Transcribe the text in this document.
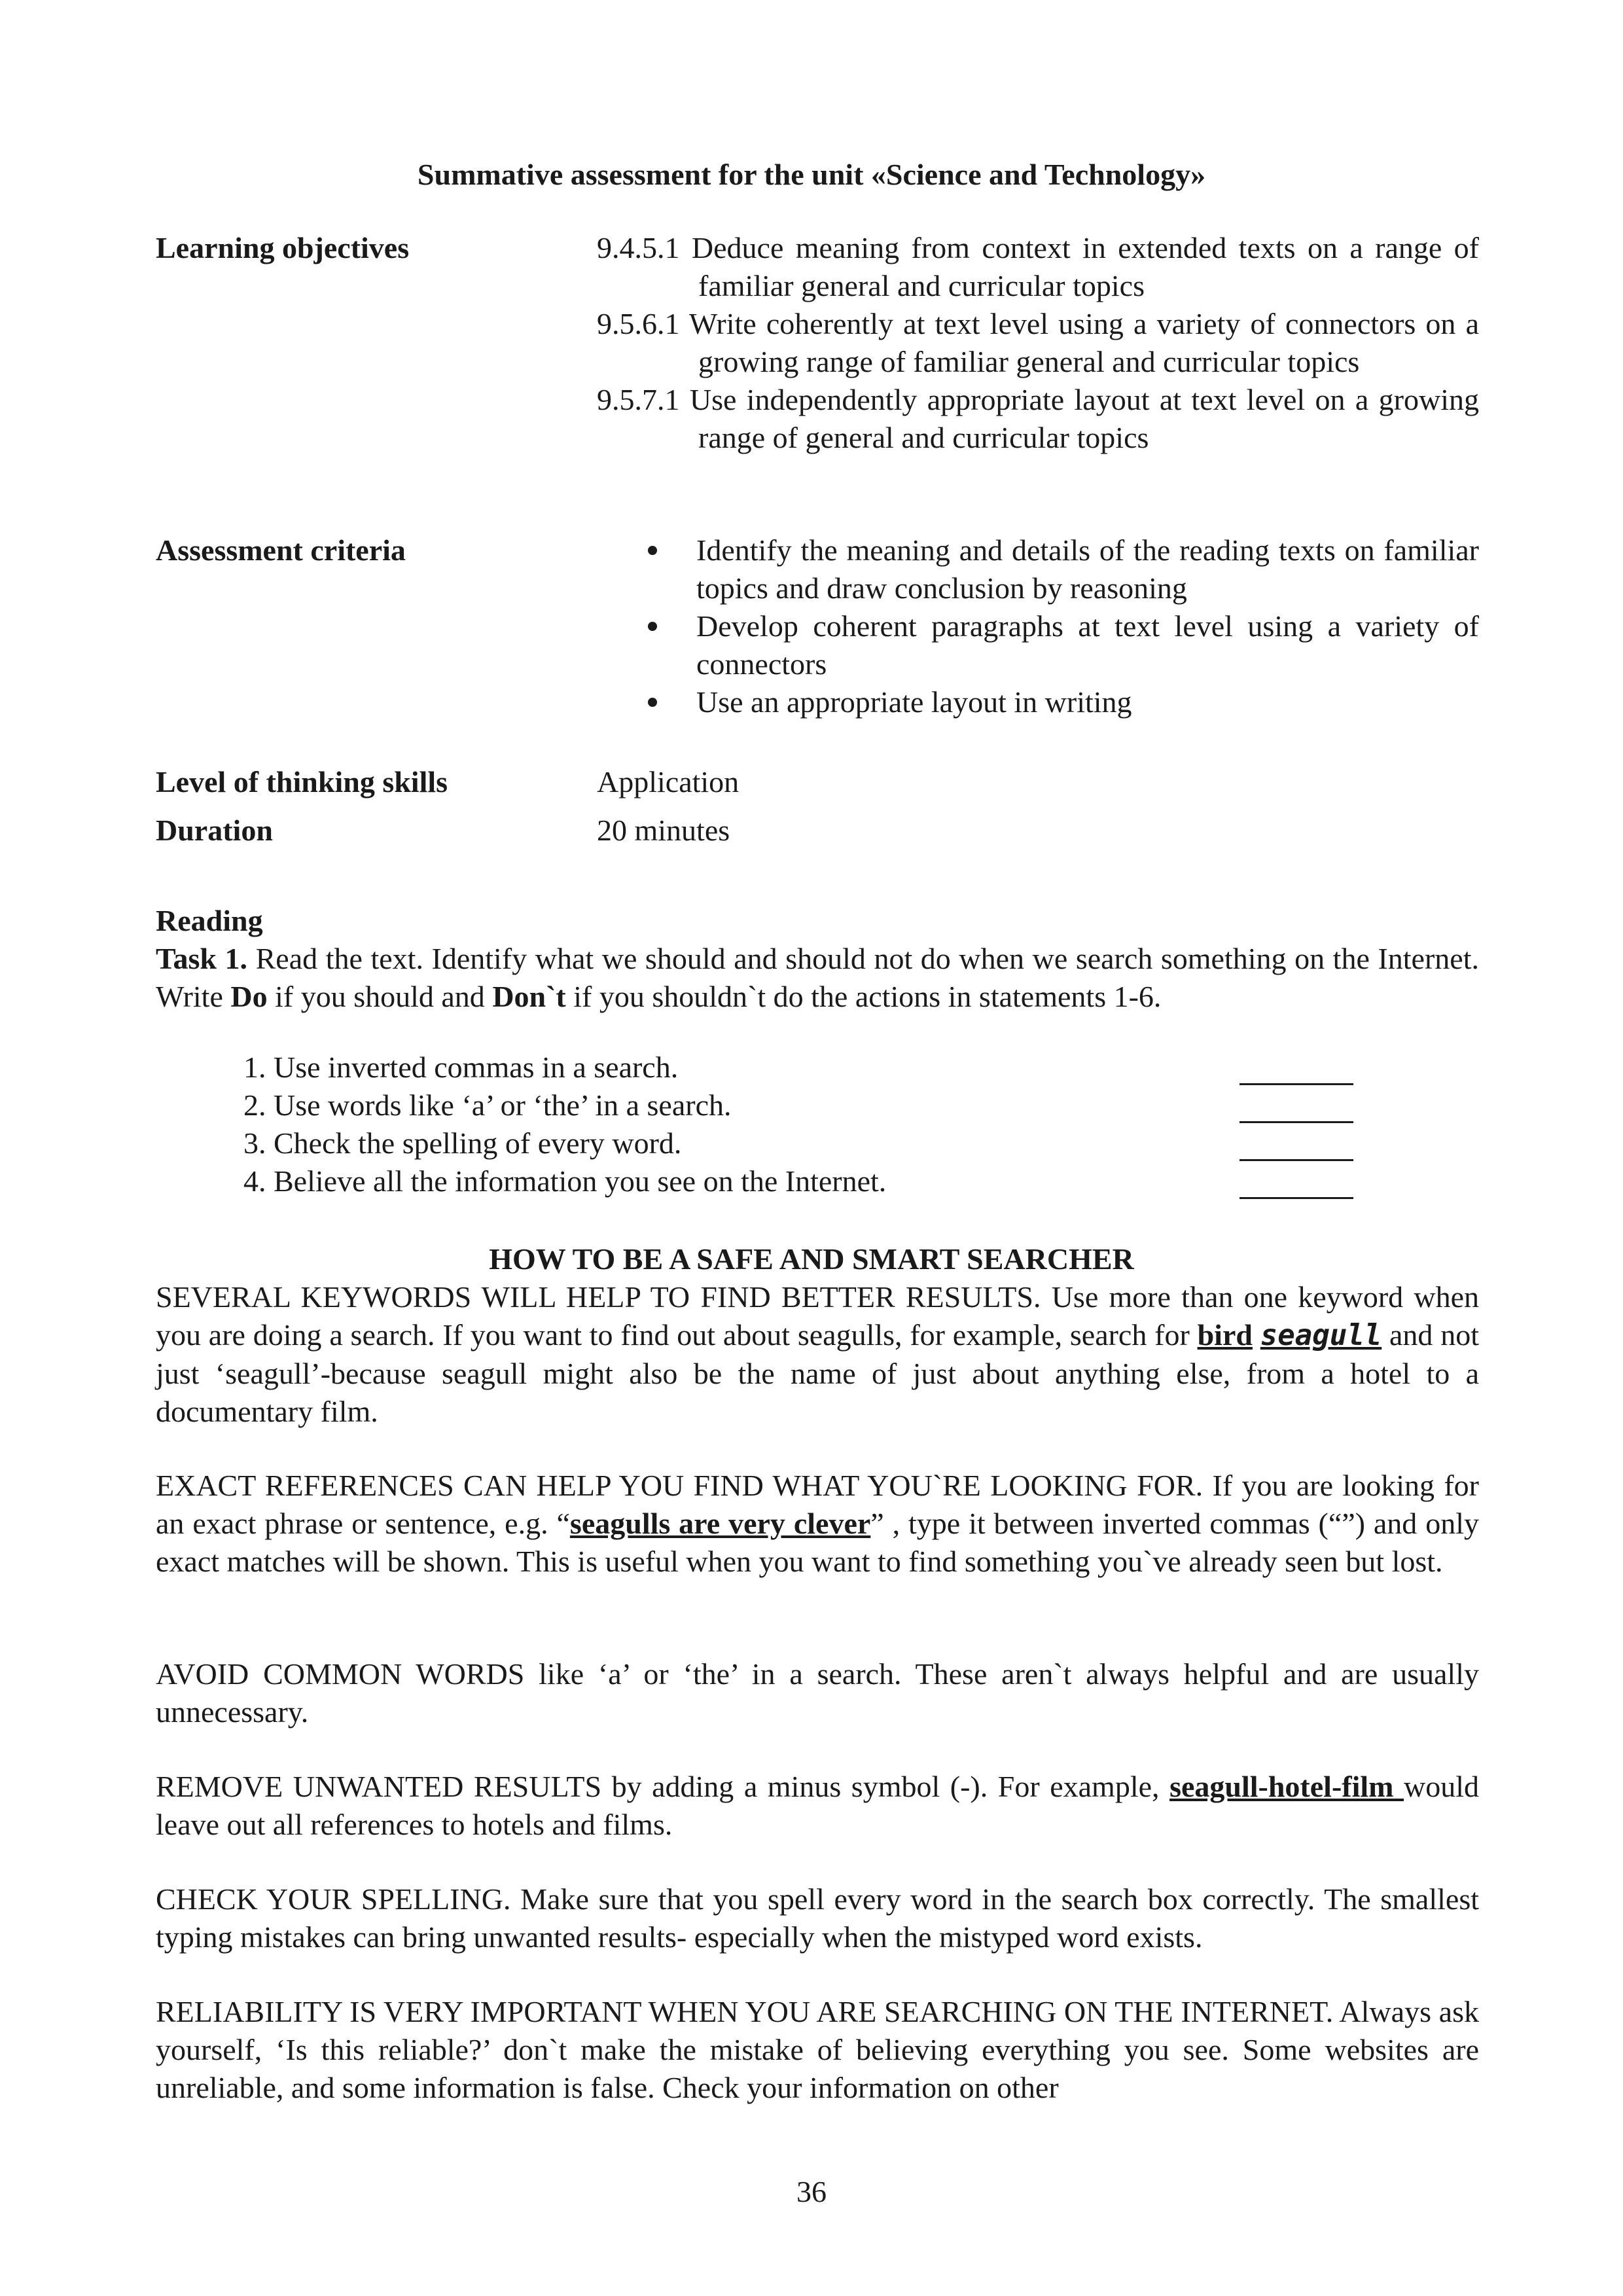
Summative assessment for the unit «Science and Technology»
Learning objectives	9.4.5.1 Deduce meaning from context in extended texts on a range of familiar general and curricular topics

9.5.6.1 Write coherently at text level using a variety of connectors on a growing range of familiar general and curricular topics

9.5.7.1 Use independently appropriate layout at text level on a growing range of general and curricular topics

Assessment criteria	Identify the meaning and details of the reading texts on familiar topics and draw conclusion by reasoning

Develop coherent paragraphs at text level using a variety of connectors

Use an appropriate layout in writing

Level of thinking skills	Application
Duration	20 minutes
Reading

Task 1. Read the text. Identify what we should and should not do when we search something on the Internet. Write Do if you should and Don`t if you shouldn`t do the actions in statements 1-6.

1. Use inverted commas in a search.
2. Use words like ‘a’ or ‘the’ in a search.
3. Check the spelling of every word.
4. Believe all the information you see on the Internet.
HOW TO BE A SAFE AND SMART SEARCHER

SEVERAL KEYWORDS WILL HELP TO FIND BETTER RESULTS. Use more than one keyword when you are doing a search. If you want to find out about seagulls, for example, search for bird seagull and not just ‘seagull’-because seagull might also be the name of just about anything else, from a hotel to a documentary film.

EXACT REFERENCES CAN HELP YOU FIND WHAT YOU`RE LOOKING FOR. If you are looking for an exact phrase or sentence, e.g. “seagulls are very clever” , type it between inverted commas (“”) and only exact matches will be shown. This is useful when you want to find something you`ve already seen but lost.

AVOID COMMON WORDS like ‘a’ or ‘the’ in a search. These aren`t always helpful and are usually unnecessary.

REMOVE UNWANTED RESULTS by adding a minus symbol (-). For example, seagull-hotel-film would leave out all references to hotels and films.

CHECK YOUR SPELLING. Make sure that you spell every word in the search box correctly. The smallest typing mistakes can bring unwanted results- especially when the mistyped word exists.

RELIABILITY IS VERY IMPORTANT WHEN YOU ARE SEARCHING ON THE INTERNET. Always ask yourself, ‘Is this reliable?’ don`t make the mistake of believing everything you see. Some websites are unreliable, and some information is false. Check your information on other

36
